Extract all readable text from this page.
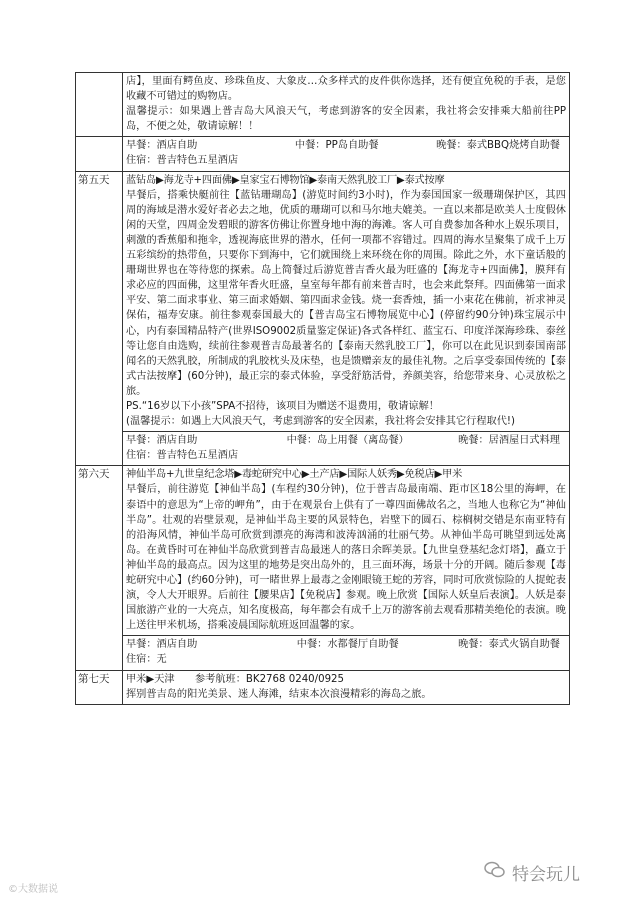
	店】，里面有鳄鱼皮、珍珠鱼皮、大象皮…众多样式的皮件供你选择，还有便宜免税的手表，是您收藏不可错过的购物店。
温馨提示：如果遇上普吉岛大风浪天气，考虑到游客的安全因素，我社将会安排乘大船前往PP岛，不便之处，敬请谅解！！

	早餐：酒店自助 中餐：PP岛自助餐 晚餐：泰式BBQ烧烤自助餐
住宿：普吉特色五星酒店

第五天	蓝钻岛▶海龙寺+四面佛▶皇家宝石博物馆▶泰南天然乳胶工厂▶泰式按摩
早餐后，搭乘快艇前往【蓝钻珊瑚岛】(游览时间约3小时)，作为泰国国家一级珊瑚保护区，其四周的海域是潜水爱好者必去之地，优质的珊瑚可以和马尔地夫媲美。一直以来都是欧美人士度假休闲的天堂，四周金发碧眼的游客仿佛让你置身地中海的海滩。客人可自费参加各种水上娱乐项目，刺激的香蕉船和拖伞，透视海底世界的潜水，任何一项都不容错过。四周的海水呈聚集了成千上万五彩缤纷的热带鱼，只要你下到海中，它们就围绕上来环绕在你的周围。除此之外，水下童话般的珊瑚世界也在等待您的探索。岛上简餐过后游览普吉香火最为旺盛的【海龙寺+四面佛】，膜拜有求必应的四面佛，这里常年香火旺盛，皇室每年都有前来普吉时，也会来此祭拜。四面佛第一面求平安、第二面求事业、第三面求婚姻、第四面求金钱。烧一套香烛，插一小束花在佛前，祈求神灵保佑，福寿安康。前往参观泰国最大的【普吉岛宝石博物展览中心】(停留约90分钟)珠宝展示中心，内有泰国精品特产(世界ISO9002质量鉴定保证)各式各样红、蓝宝石、印度洋深海珍珠、泰丝等让您自由选购，续前往参观普吉岛最著名的【泰南天然乳胶工厂】，你可以在此见识到泰国南部闻名的天然乳胶，所制成的乳胶枕头及床垫，也是馈赠亲友的最佳礼物。之后享受泰国传统的【泰式古法按摩】(60分钟)，最正宗的泰式体验，享受舒筋活骨，养颜美容，给您带来身、心灵放松之旅。
PS.“16岁以下小孩”SPA不招待，该项目为赠送不退费用，敬请谅解！
(温馨提示：如遇上大风浪天气，考虑到游客的安全因素，我社将会安排其它行程取代!)

	早餐：酒店自助 中餐：岛上用餐（离岛餐） 晚餐：居酒屋日式料理
住宿：普吉特色五星酒店

第六天	神仙半岛+九世皇纪念塔▶毒蛇研究中心▶土产店▶国际人妖秀▶免税店▶甲米
早餐后，前往游览【神仙半岛】(车程约30分钟)，位于普吉岛最南端、距市区18公里的海岬，在泰语中的意思为“上帝的岬角”，由于在观景台上供有了一尊四面佛故名之，当地人也称它为“神仙半岛”。壮观的岩壁景观，是神仙半岛主要的风景特色，岩壁下的圆石、棕榈树交错是东南亚特有的沿海风情，神仙半岛可欣赏到漂亮的海湾和波涛汹涌的壮丽气势。从神仙半岛可眺望到远处离岛。在黄昏时可在神仙半岛欣赏到普吉岛最迷人的落日余晖美景。【九世皇登基纪念灯塔】，矗立于神仙半岛的最高点。因为这里的地势是突出岛外的，且三面环海，场景十分的开阔。随后参观【毒蛇研究中心】(约60分钟)，可一睹世界上最毒之金刚眼镜王蛇的芳容，同时可欣赏惊险的人捉蛇表演，令人大开眼界。后前往【腰果店】【免税店】参观。晚上欣赏【国际人妖皇后表演】。人妖是泰国旅游产业的一大亮点，知名度极高，每年都会有成千上万的游客前去观看那精美绝伦的表演。晚上送往甲米机场，搭乘凌晨国际航班返回温馨的家。

	早餐：酒店自助 中餐：水都餐厅自助餐 晚餐：泰式火锅自助餐
住宿：无

第七天	甲米▶天津　　参考航班：BK2768 0240/0925
挥别普吉岛的阳光美景、迷人海滩，结束本次浪漫精彩的海岛之旅。
特会玩儿
©大数据说
